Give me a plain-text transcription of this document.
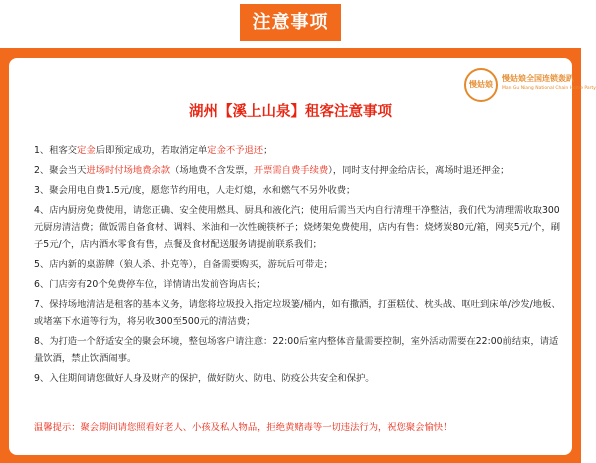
注意事项
慢姑娘
慢姑娘全国连锁轰趴
Man Gu Niang National Chain Home Party
湖州【溪上山泉】租客注意事项
1、租客交定金后即预定成功，若取消定单定金不予退还；
2、聚会当天进场时付场地费余款（场地费不含发票，开票需自费手续费），同时支付押金给店长，离场时退还押金；
3、聚会用电自费1.5元/度，愿您节约用电，人走灯熄，水和燃气不另外收费；
4、店内厨房免费使用，请您正确、安全使用燃具、厨具和液化汽；使用后需当天内自行清理干净整洁，我们代为清理需收取300元厨房清洁费；做饭需自备食材、调料、米油和一次性碗筷杯子；烧烤架免费使用，店内有售：烧烤炭80元/箱，网夹5元/个，刷子5元/个，店内酒水零食有售，点餐及食材配送服务请提前联系我们；
5、店内新的桌游牌（狼人杀、扑克等），自备需要购买，游玩后可带走；
6、门店旁有20个免费停车位，详情请出发前咨询店长；
7、保持场地清洁是租客的基本义务，请您将垃圾投入指定垃圾篓/桶内，如有撒酒，打蛋糕仗、枕头战、呕吐到床单/沙发/地板、或堵塞下水道等行为，将另收300至500元的清洁费；
8、为打造一个舒适安全的聚会环境，整包场客户请注意：22:00后室内整体音量需要控制，室外活动需要在22:00前结束，请适量饮酒，禁止饮酒闹事。
9、入住期间请您做好人身及财产的保护，做好防火、防电、防疫公共安全和保护。
温馨提示：聚会期间请您照看好老人、小孩及私人物品，拒绝黄赌毒等一切违法行为，祝您聚会愉快！
